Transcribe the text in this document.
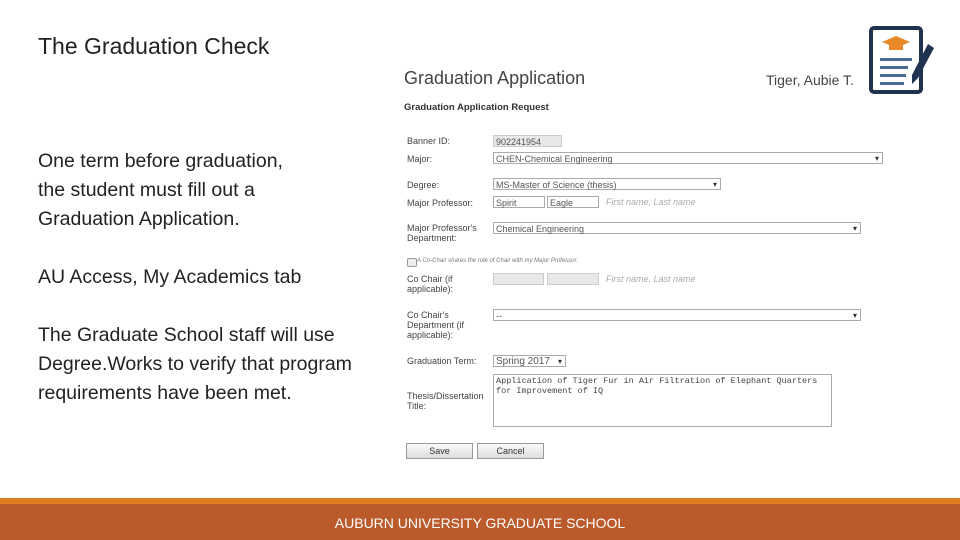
The Graduation Check
One term before graduation,
the student must fill out a
Graduation Application.
AU Access, My Academics tab
The Graduate School staff will use
Degree.Works to verify that program
requirements have been met.
Graduation Application	Tiger, Aubie T.
Graduation Application Request
Banner ID:	902241954
Major:	CHEN-Chemical Engineering ▾
Degree:	MS-Master of Science (thesis) ▾
Major Professor:	Spirit	Eagle	First name, Last name
Major Professor's Department:
Chemical Engineering ▾
A Co-Chair shares the role of Chair with my Major Professor.
Co Chair (if applicable):
First name, Last name
Co Chair's Department (if applicable):
-- ▾
Graduation Term:	Spring 2017 ▾
Thesis/Dissertation Title:
Application of Tiger Fur in Air Filtration of Elephant Quarters for Improvement of IQ
Save	Cancel
AUBURN UNIVERSITY GRADUATE SCHOOL
